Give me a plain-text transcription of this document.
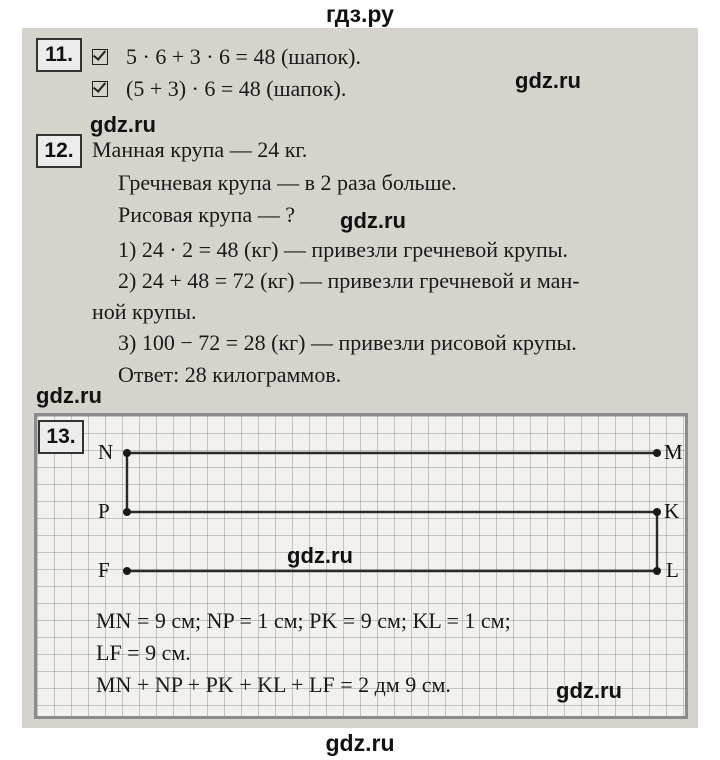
гдз.ру
11.	5 · 6 + 3 · 6 = 48 (шапок).
(5 + 3) · 6 = 48 (шапок).	gdz.ru
gdz.ru
12. Манная крупа — 24 кг.
Гречневая крупа — в 2 раза больше.
Рисовая крупа — ? gdz.ru
1) 24 · 2 = 48 (кг) — привезли гречневой крупы.
2) 24 + 48 = 72 (кг) — привезли гречневой и ман-
ной крупы.
3) 100 − 72 = 28 (кг) — привезли рисовой крупы.
Ответ: 28 килограммов.
gdz.ru
13.
N	M
P	K
F	L
gdz.ru
MN = 9 см; NP = 1 см; PK = 9 см; KL = 1 см;
LF = 9 см.
MN + NP + PK + KL + LF = 2 дм 9 см.	gdz.ru
gdz.ru
